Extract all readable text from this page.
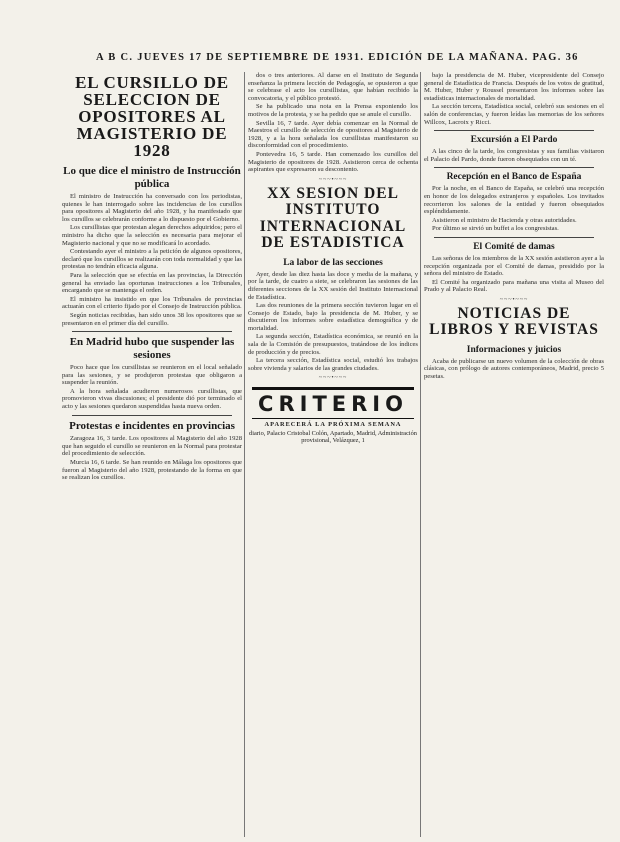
A B C. JUEVES 17 DE SEPTIEMBRE DE 1931. EDICIÓN DE LA MAÑANA. PAG. 36
EL CURSILLO DE SELECCION DE OPOSITORES AL MAGISTERIO DE 1928
Lo que dice el ministro de Instrucción pública

El ministro de Instrucción ha conversado con los periodistas, quienes le han interrogado sobre las incidencias de los cursillos para opositores al Magisterio del año 1928, y ha manifestado que los cursillos se celebrarán conforme a lo dispuesto por el Gobierno.

Los cursillistas que protestan alegan derechos adquiridos; pero el ministro ha dicho que la selección es necesaria para mejorar el Magisterio nacional y que no se modificará lo acordado.

Contestando ayer el ministro a la petición de algunos opositores, declaró que los cursillos se realizarán con toda normalidad y que las protestas no tendrán eficacia alguna.

Para la selección que se efectúa en las provincias, la Dirección general ha enviado las oportunas instrucciones a los Tribunales, encargando que se mantenga el orden.

El ministro ha insistido en que los Tribunales de provincias actuarán con el criterio fijado por el Consejo de Instrucción pública.

Según noticias recibidas, han sido unos 38 los opositores que se presentaron en el primer día del cursillo.

En Madrid hubo que suspender las sesiones

Poco hace que los cursillistas se reunieron en el local señalado para las sesiones, y se produjeron protestas que obligaron a suspender la reunión.

A la hora señalada acudieron numerosos cursillistas, que promovieron vivas discusiones; el presidente dió por terminado el acto y las sesiones quedaron suspendidas hasta nueva orden.

Protestas e incidentes en provincias

Zaragoza 16, 3 tarde. Los opositores al Magisterio del año 1928 que han seguido el cursillo se reunieron en la Normal para protestar del procedimiento de selección.

Murcia 16, 6 tarde. Se han reunido en Málaga los opositores que fueron al Magisterio del año 1928, protestando de la forma en que se realizan los cursillos.

dos o tres anteriores. Al darse en el Instituto de Segunda enseñanza la primera lección de Pedagogía, se opusieron a que se celebrase el acto los cursillistas, que habían recibido la convocatoria, y el público protestó.

Se ha publicado una nota en la Prensa exponiendo los motivos de la protesta, y se ha pedido que se anule el cursillo.

Sevilla 16, 7 tarde. Ayer debía comenzar en la Normal de Maestros el cursillo de selección de opositores al Magisterio de 1928, y a la hora señalada los cursillistas manifestaron su disconformidad con el procedimiento.

Pontevedra 16, 5 tarde. Han comenzado los cursillos del Magisterio de opositores de 1928. Asistieron cerca de ochenta aspirantes que expresaron su descontento.

~~~•~~~
XX SESION DEL INSTITUTO INTERNACIONAL DE ESTADISTICA
La labor de las secciones

Ayer, desde las diez hasta las doce y media de la mañana, y por la tarde, de cuatro a siete, se celebraron las sesiones de las diferentes secciones de la XX sesión del Instituto Internacional de Estadística.

Las dos reuniones de la primera sección tuvieron lugar en el Consejo de Estado, bajo la presidencia de M. Huber, y se discutieron los informes sobre estadística demográfica y de mortalidad.

La segunda sección, Estadística económica, se reunió en la sala de la Comisión de presupuestos, tratándose de los índices de producción y de precios.

La tercera sección, Estadística social, estudió los trabajos sobre vivienda y salarios de las grandes ciudades.

~~~•~~~
CRITERIO
APARECERÁ LA PRÓXIMA SEMANA
diario, Palacio Cristobal Colón, Apartado, Madrid, Administración provisional, Velázquez, 1

bajo la presidencia de M. Huber, vicepresidente del Consejo general de Estadística de Francia. Después de los votos de gratitud, M. Huber, Huber y Roussel presentaron los informes sobre las estadísticas internacionales de mortalidad.

La sección tercera, Estadística social, celebró sus sesiones en el salón de conferencias, y fueron leídas las memorias de los señores Willcox, Lacroix y Ricci.

Excursión a El Pardo

A las cinco de la tarde, los congresistas y sus familias visitaron el Palacio del Pardo, donde fueron obsequiados con un té.

Recepción en el Banco de España

Por la noche, en el Banco de España, se celebró una recepción en honor de los delegados extranjeros y españoles. Los invitados recorrieron los salones de la entidad y fueron obsequiados espléndidamente.

Asistieron el ministro de Hacienda y otras autoridades.

Por último se sirvió un buffet a los congresistas.

El Comité de damas

Las señoras de los miembros de la XX sesión asistieron ayer a la recepción organizada por el Comité de damas, presidido por la señora del ministro de Estado.

El Comité ha organizado para mañana una visita al Museo del Prado y al Palacio Real.

~~~•~~~
NOTICIAS DE LIBROS Y REVISTAS
Informaciones y juicios

Acaba de publicarse un nuevo volumen de la colección de obras clásicas, con prólogo de autores contemporáneos, Madrid, precio 5 pesetas.
